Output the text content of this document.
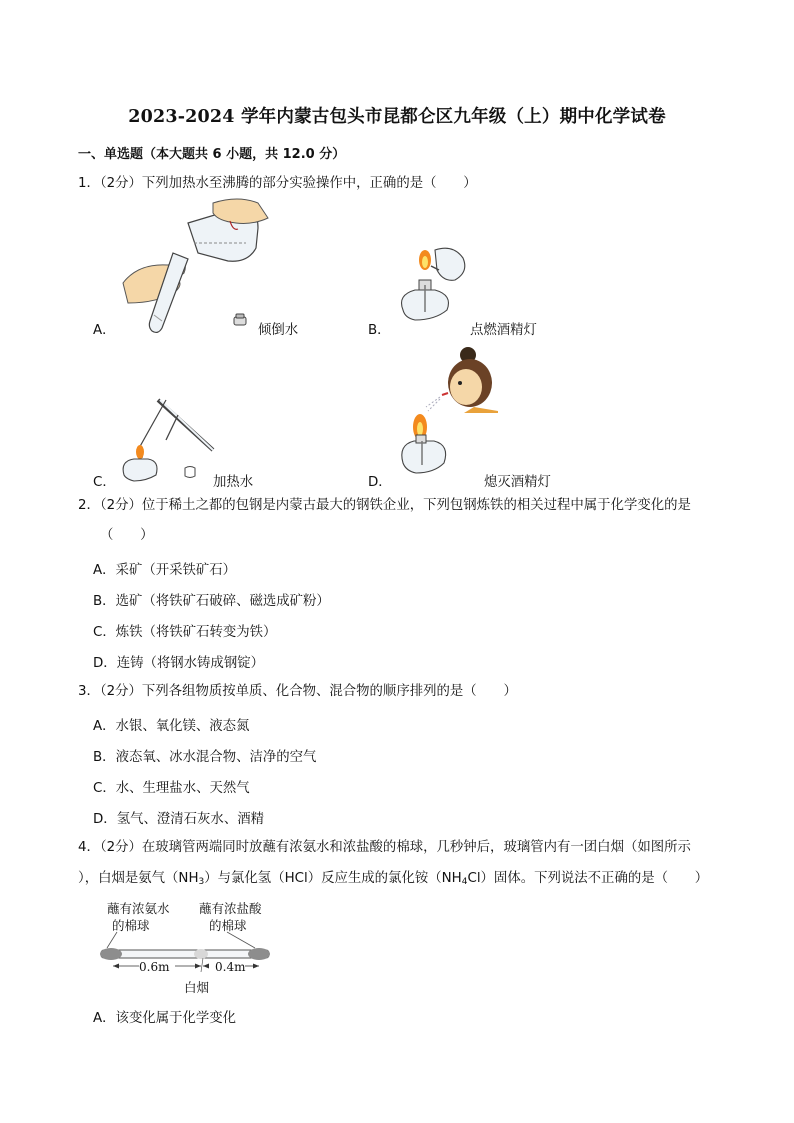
2023-2024 学年内蒙古包头市昆都仑区九年级（上）期中化学试卷
一、单选题（本大题共 6 小题，共 12.0 分）
1．（2分）下列加热水至沸腾的部分实验操作中，正确的是（　　）
A．	倾倒水	B．	点燃酒精灯
C．	加热水	D．	熄灭酒精灯
2．（2分）位于稀土之都的包钢是内蒙古最大的钢铁企业，下列包钢炼铁的相关过程中属于化学变化的是
（　　）
A．采矿（开采铁矿石）
B．选矿（将铁矿石破碎、磁选成矿粉）
C．炼铁（将铁矿石转变为铁）
D．连铸（将钢水铸成钢锭）
3．（2分）下列各组物质按单质、化合物、混合物的顺序排列的是（　　）
A．水银、氧化镁、液态氮
B．液态氧、冰水混合物、洁净的空气
C．水、生理盐水、天然气
D．氢气、澄清石灰水、酒精
4．（2分）在玻璃管两端同时放蘸有浓氨水和浓盐酸的棉球，几秒钟后，玻璃管内有一团白烟（如图所示
），白烟是氨气$(NH_3)$与氯化氢（HCl）反应生成的氯化铵$(NH_4Cl)$固体。下列说法不正确的是（　　）
蘸有浓氨水
的棉球
蘸有浓盐酸
的棉球
0.6m	0.4m
白烟
A．该变化属于化学变化
